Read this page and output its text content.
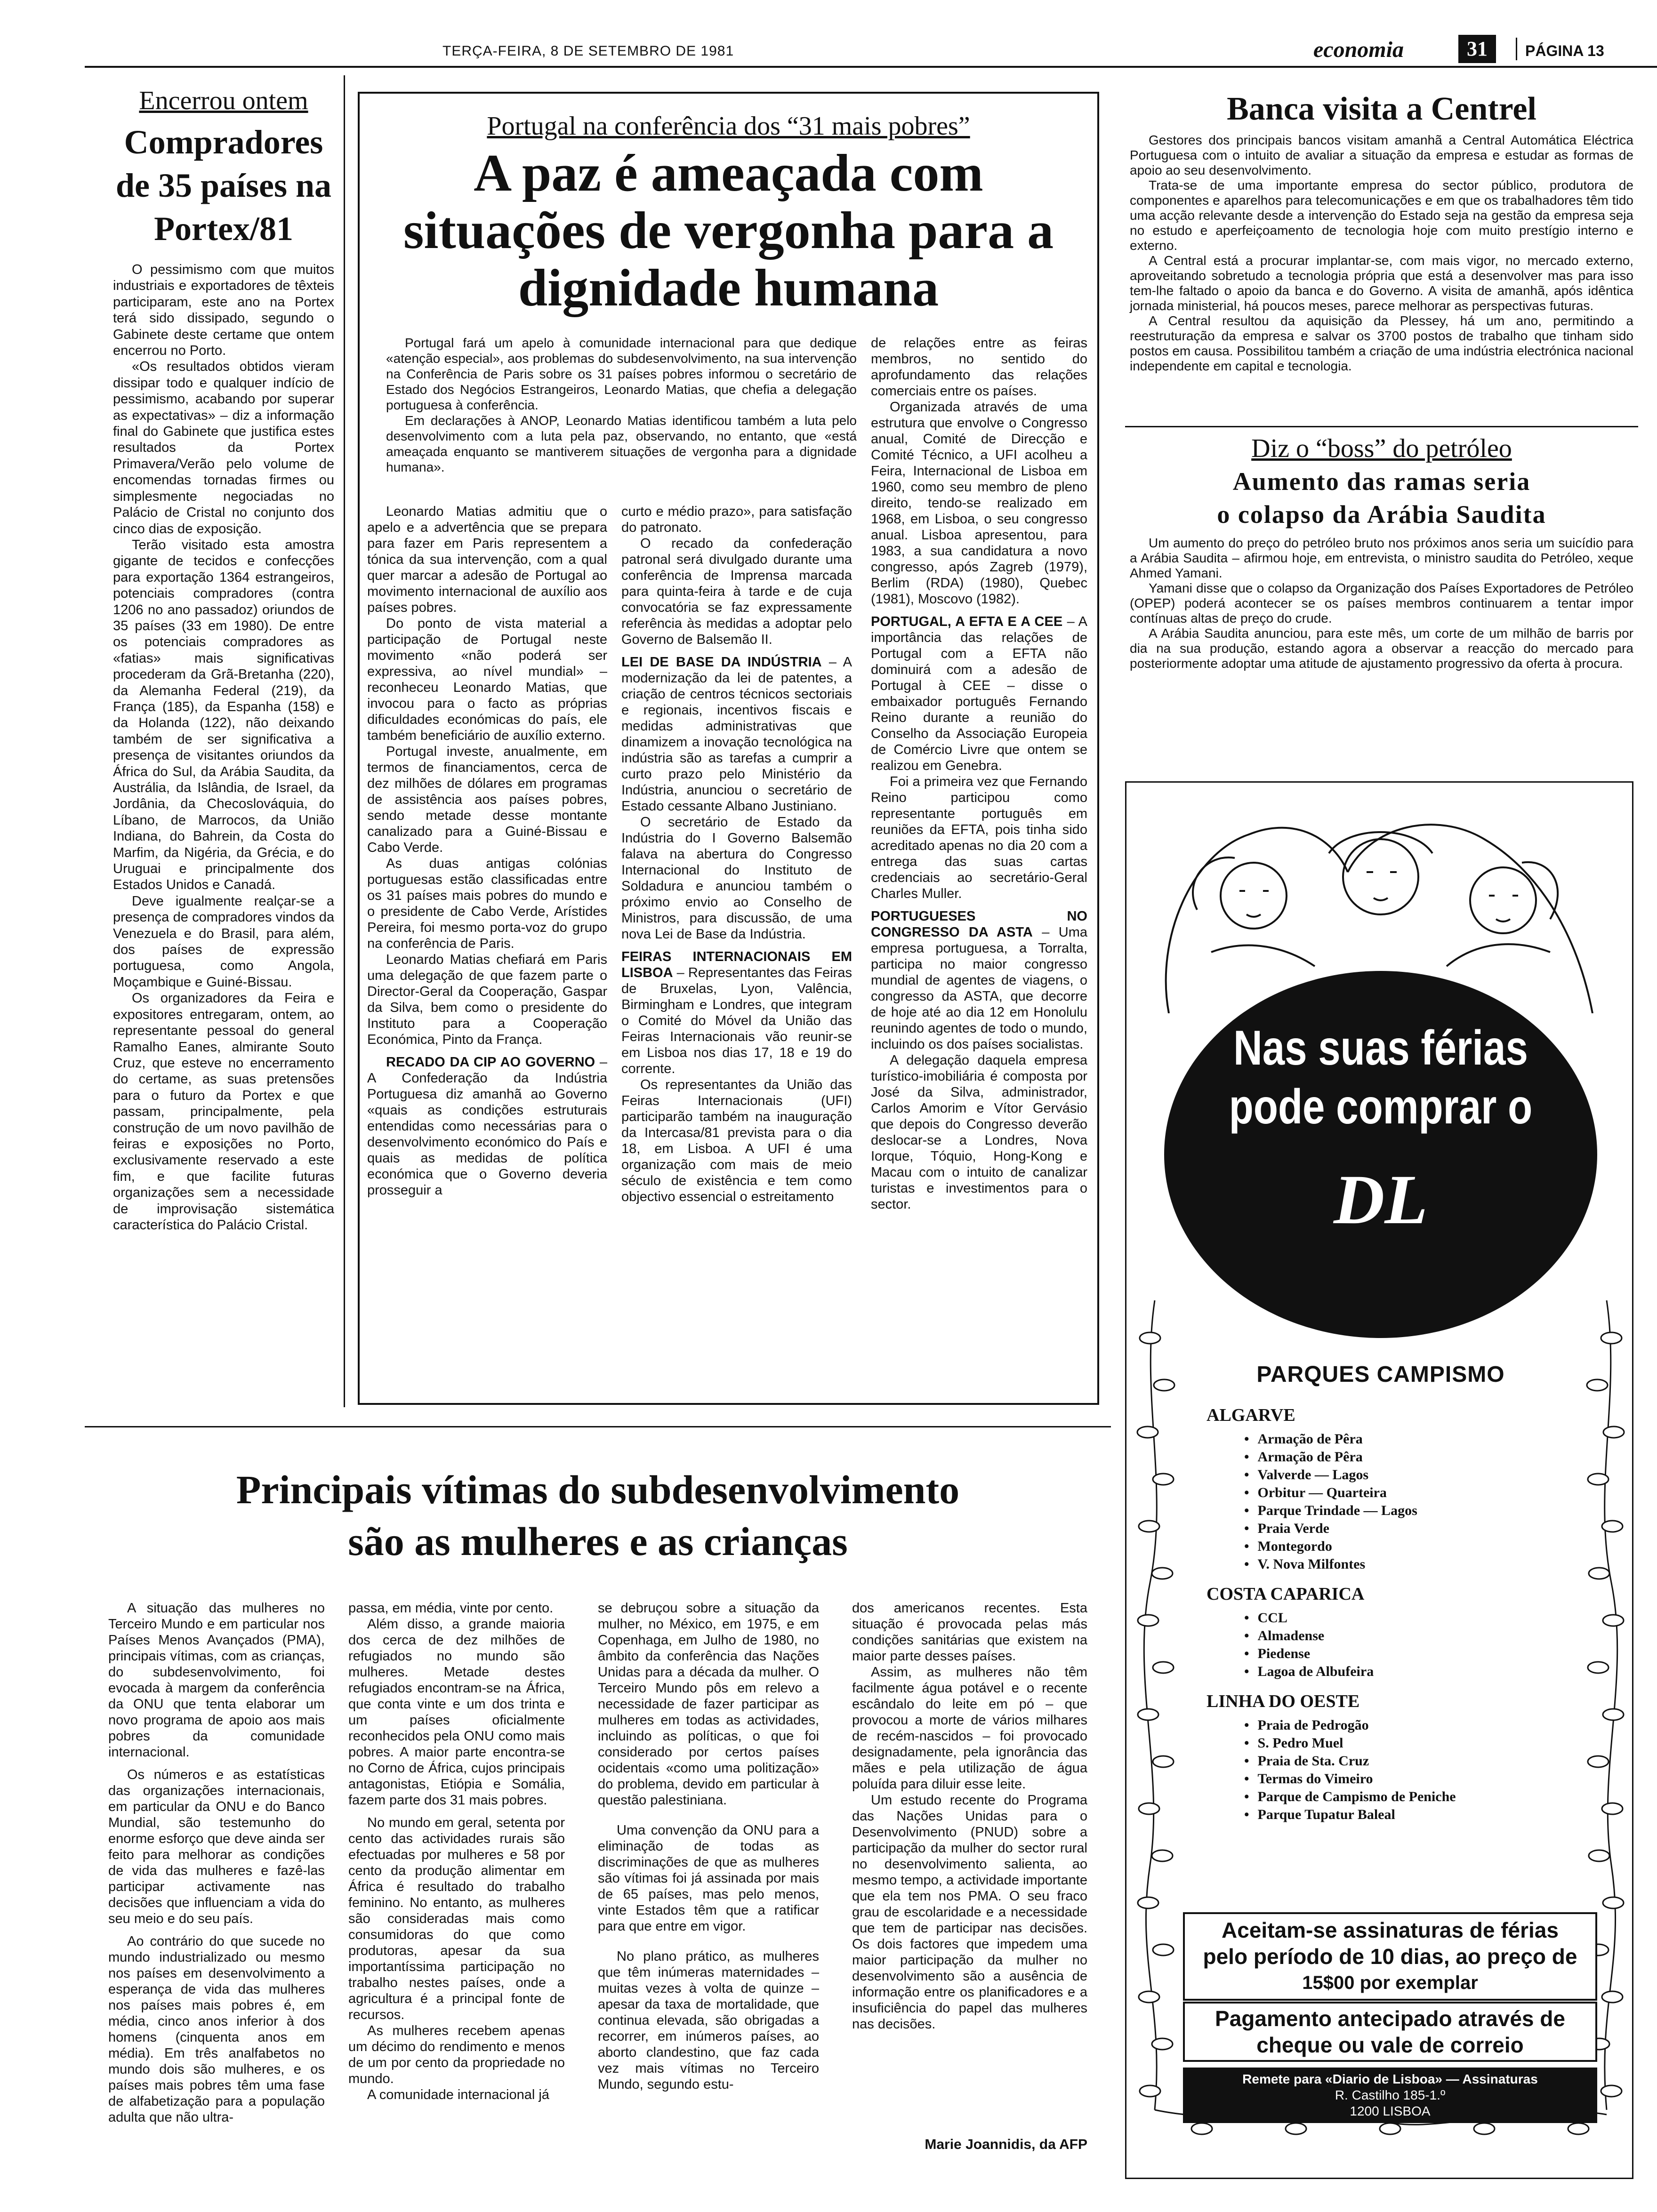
TERÇA-FEIRA, 8 DE SETEMBRO DE 1981	economia	31	PÁGINA 13
Encerrou ontem
Compradores de 35 países na Portex/81

O pessimismo com que muitos industriais e exportadores de têxteis participaram, este ano na Portex terá sido dissipado, segundo o Gabinete deste certame que ontem encerrou no Porto.

«Os resultados obtidos vieram dissipar todo e qualquer indício de pessimismo, acabando por superar as expectativas» – diz a informação final do Gabinete que justifica estes resultados da Portex Primavera/Verão pelo volume de encomendas tornadas firmes ou simplesmente negociadas no Palácio de Cristal no conjunto dos cinco dias de exposição.

Terão visitado esta amostra gigante de tecidos e confecções para exportação 1364 estrangeiros, potenciais compradores (contra 1206 no ano passadoz) oriundos de 35 países (33 em 1980). De entre os potenciais compradores as «fatias» mais significativas procederam da Grã-Bretanha (220), da Alemanha Federal (219), da França (185), da Espanha (158) e da Holanda (122), não deixando também de ser significativa a presença de visitantes oriundos da África do Sul, da Arábia Saudita, da Austrália, da Islândia, de Israel, da Jordânia, da Checoslováquia, do Líbano, de Marrocos, da União Indiana, do Bahrein, da Costa do Marfim, da Nigéria, da Grécia, e do Uruguai e principalmente dos Estados Unidos e Canadá.

Deve igualmente realçar-se a presença de compradores vindos da Venezuela e do Brasil, para além, dos países de expressão portuguesa, como Angola, Moçambique e Guiné-Bissau.

Os organizadores da Feira e expositores entregaram, ontem, ao representante pessoal do general Ramalho Eanes, almirante Souto Cruz, que esteve no encerramento do certame, as suas pretensões para o futuro da Portex e que passam, principalmente, pela construção de um novo pavilhão de feiras e exposições no Porto, exclusivamente reservado a este fim, e que facilite futuras organizações sem a necessidade de improvisação sistemática característica do Palácio Cristal.

Portugal na conferência dos “31 mais pobres”
A paz é ameaçada com situações de vergonha para a dignidade humana

Portugal fará um apelo à comunidade internacional para que dedique «atenção especial», aos problemas do subdesenvolvimento, na sua intervenção na Conferência de Paris sobre os 31 países pobres informou o secretário de Estado dos Negócios Estrangeiros, Leonardo Matias, que chefia a delegação portuguesa à conferência.

Em declarações à ANOP, Leonardo Matias identificou também a luta pelo desenvolvimento com a luta pela paz, observando, no entanto, que «está ameaçada enquanto se mantiverem situações de vergonha para a dignidade humana».

Leonardo Matias admitiu que o apelo e a advertência que se prepara para fazer em Paris representem a tónica da sua intervenção, com a qual quer marcar a adesão de Portugal ao movimento internacional de auxílio aos países pobres.

Do ponto de vista material a participação de Portugal neste movimento «não poderá ser expressiva, ao nível mundial» – reconheceu Leonardo Matias, que invocou para o facto as próprias dificuldades económicas do país, ele também beneficiário de auxílio externo.

Portugal investe, anualmente, em termos de financiamentos, cerca de dez milhões de dólares em programas de assistência aos países pobres, sendo metade desse montante canalizado para a Guiné-Bissau e Cabo Verde.

As duas antigas colónias portuguesas estão classificadas entre os 31 países mais pobres do mundo e o presidente de Cabo Verde, Arístides Pereira, foi mesmo porta-voz do grupo na conferência de Paris.

Leonardo Matias chefiará em Paris uma delegação de que fazem parte o Director-Geral da Cooperação, Gaspar da Silva, bem como o presidente do Instituto para a Cooperação Económica, Pinto da França.

RECADO DA CIP AO GOVERNO – A Confederação da Indústria Portuguesa diz amanhã ao Governo «quais as condições estruturais entendidas como necessárias para o desenvolvimento económico do País e quais as medidas de política económica que o Governo deveria prosseguir a

curto e médio prazo», para satisfação do patronato.

O recado da confederação patronal será divulgado durante uma conferência de Imprensa marcada para quinta-feira à tarde e de cuja convocatória se faz expressamente referência às medidas a adoptar pelo Governo de Balsemão II.

LEI DE BASE DA INDÚSTRIA – A modernização da lei de patentes, a criação de centros técnicos sectoriais e regionais, incentivos fiscais e medidas administrativas que dinamizem a inovação tecnológica na indústria são as tarefas a cumprir a curto prazo pelo Ministério da Indústria, anunciou o secretário de Estado cessante Albano Justiniano.

O secretário de Estado da Indústria do I Governo Balsemão falava na abertura do Congresso Internacional do Instituto de Soldadura e anunciou também o próximo envio ao Conselho de Ministros, para discussão, de uma nova Lei de Base da Indústria.

FEIRAS INTERNACIONAIS EM LISBOA – Representantes das Feiras de Bruxelas, Lyon, Valência, Birmingham e Londres, que integram o Comité do Móvel da União das Feiras Internacionais vão reunir-se em Lisboa nos dias 17, 18 e 19 do corrente.

Os representantes da União das Feiras Internacionais (UFI) participarão também na inauguração da Intercasa/81 prevista para o dia 18, em Lisboa. A UFI é uma organização com mais de meio século de existência e tem como objectivo essencial o estreitamento

de relações entre as feiras membros, no sentido do aprofundamento das relações comerciais entre os países.

Organizada através de uma estrutura que envolve o Congresso anual, Comité de Direcção e Comité Técnico, a UFI acolheu a Feira, Internacional de Lisboa em 1960, como seu membro de pleno direito, tendo-se realizado em 1968, em Lisboa, o seu congresso anual. Lisboa apresentou, para 1983, a sua candidatura a novo congresso, após Zagreb (1979), Berlim (RDA) (1980), Quebec (1981), Moscovo (1982).

PORTUGAL, A EFTA E A CEE – A importância das relações de Portugal com a EFTA não dominuirá com a adesão de Portugal à CEE – disse o embaixador português Fernando Reino durante a reunião do Conselho da Associação Europeia de Comércio Livre que ontem se realizou em Genebra.

Foi a primeira vez que Fernando Reino participou como representante português em reuniões da EFTA, pois tinha sido acreditado apenas no dia 20 com a entrega das suas cartas credenciais ao secretário-Geral Charles Muller.

PORTUGUESES NO CONGRESSO DA ASTA – Uma empresa portuguesa, a Torralta, participa no maior congresso mundial de agentes de viagens, o congresso da ASTA, que decorre de hoje até ao dia 12 em Honolulu reunindo agentes de todo o mundo, incluindo os dos países socialistas.

A delegação daquela empresa turístico-imobiliária é composta por José da Silva, administrador, Carlos Amorim e Vítor Gervásio que depois do Congresso deverão deslocar-se a Londres, Nova Iorque, Tóquio, Hong-Kong e Macau com o intuito de canalizar turistas e investimentos para o sector.

Banca visita a Centrel

Gestores dos principais bancos visitam amanhã a Central Automática Eléctrica Portuguesa com o intuito de avaliar a situação da empresa e estudar as formas de apoio ao seu desenvolvimento.

Trata-se de uma importante empresa do sector público, produtora de componentes e aparelhos para telecomunicações e em que os trabalhadores têm tido uma acção relevante desde a intervenção do Estado seja na gestão da empresa seja no estudo e aperfeiçoamento de tecnologia hoje com muito prestígio interno e externo.

A Central está a procurar implantar-se, com mais vigor, no mercado externo, aproveitando sobretudo a tecnologia própria que está a desenvolver mas para isso tem-lhe faltado o apoio da banca e do Governo. A visita de amanhã, após idêntica jornada ministerial, há poucos meses, parece melhorar as perspectivas futuras.

A Central resultou da aquisição da Plessey, há um ano, permitindo a reestruturação da empresa e salvar os 3700 postos de trabalho que tinham sido postos em causa. Possibilitou também a criação de uma indústria electrónica nacional independente em capital e tecnologia.

Diz o “boss” do petróleo
Aumento das ramas seria
o colapso da Arábia Saudita

Um aumento do preço do petróleo bruto nos próximos anos seria um suicídio para a Arábia Saudita – afirmou hoje, em entrevista, o ministro saudita do Petróleo, xeque Ahmed Yamani.

Yamani disse que o colapso da Organização dos Países Exportadores de Petróleo (OPEP) poderá acontecer se os países membros continuarem a tentar impor contínuas altas de preço do crude.

A Arábia Saudita anunciou, para este mês, um corte de um milhão de barris por dia na sua produção, estando agora a observar a reacção do mercado para posteriormente adoptar uma atitude de ajustamento progressivo da oferta à procura.

Nas suas férias
pode comprar o
DL
PARQUES CAMPISMO
ALGARVE
• Armação de Pêra
• Armação de Pêra
• Valverde — Lagos
• Orbitur — Quarteira
• Parque Trindade — Lagos
• Praia Verde
• Montegordo
• V. Nova Milfontes
COSTA CAPARICA
• CCL
• Almadense
• Piedense
• Lagoa de Albufeira
LINHA DO OESTE
• Praia de Pedrogão
• S. Pedro Muel
• Praia de Sta. Cruz
• Termas do Vimeiro
• Parque de Campismo de Peniche
• Parque Tupatur Baleal
Aceitam-se assinaturas de férias
pelo período de 10 dias, ao preço de
15$00 por exemplar
Pagamento antecipado através de
cheque ou vale de correio
Remete para «Diario de Lisboa» — Assinaturas
R. Castilho 185-1.º
1200 LISBOA
Principais vítimas do subdesenvolvimento
são as mulheres e as crianças

A situação das mulheres no Terceiro Mundo e em particular nos Países Menos Avançados (PMA), principais vítimas, com as crianças, do subdesenvolvimento, foi evocada à margem da conferência da ONU que tenta elaborar um novo programa de apoio aos mais pobres da comunidade internacional.

Os números e as estatísticas das organizações internacionais, em particular da ONU e do Banco Mundial, são testemunho do enorme esforço que deve ainda ser feito para melhorar as condições de vida das mulheres e fazê-las participar activamente nas decisões que influenciam a vida do seu meio e do seu país.

Ao contrário do que sucede no mundo industrializado ou mesmo nos países em desenvolvimento a esperança de vida das mulheres nos países mais pobres é, em média, cinco anos inferior à dos homens (cinquenta anos em média). Em três analfabetos no mundo dois são mulheres, e os países mais pobres têm uma fase de alfabetização para a população adulta que não ultra-

passa, em média, vinte por cento.

Além disso, a grande maioria dos cerca de dez milhões de refugiados no mundo são mulheres. Metade destes refugiados encontram-se na África, que conta vinte e um dos trinta e um países oficialmente reconhecidos pela ONU como mais pobres. A maior parte encontra-se no Corno de África, cujos principais antagonistas, Etiópia e Somália, fazem parte dos 31 mais pobres.

No mundo em geral, setenta por cento das actividades rurais são efectuadas por mulheres e 58 por cento da produção alimentar em África é resultado do trabalho feminino. No entanto, as mulheres são consideradas mais como consumidoras do que como produtoras, apesar da sua importantíssima participação no trabalho nestes países, onde a agricultura é a principal fonte de recursos.

As mulheres recebem apenas um décimo do rendimento e menos de um por cento da propriedade no mundo.

A comunidade internacional já

se debruçou sobre a situação da mulher, no México, em 1975, e em Copenhaga, em Julho de 1980, no âmbito da conferência das Nações Unidas para a década da mulher. O Terceiro Mundo pôs em relevo a necessidade de fazer participar as mulheres em todas as actividades, incluindo as políticas, o que foi considerado por certos países ocidentais «como uma politização» do problema, devido em particular à questão palestiniana.

Uma convenção da ONU para a eliminação de todas as discriminações de que as mulheres são vítimas foi já assinada por mais de 65 países, mas pelo menos, vinte Estados têm que a ratificar para que entre em vigor.

No plano prático, as mulheres que têm inúmeras maternidades – muitas vezes à volta de quinze – apesar da taxa de mortalidade, que continua elevada, são obrigadas a recorrer, em inúmeros países, ao aborto clandestino, que faz cada vez mais vítimas no Terceiro Mundo, segundo estu-

dos americanos recentes. Esta situação é provocada pelas más condições sanitárias que existem na maior parte desses países.

Assim, as mulheres não têm facilmente água potável e o recente escândalo do leite em pó – que provocou a morte de vários milhares de recém-nascidos – foi provocado designadamente, pela ignorância das mães e pela utilização de água poluída para diluir esse leite.

Um estudo recente do Programa das Nações Unidas para o Desenvolvimento (PNUD) sobre a participação da mulher do sector rural no desenvolvimento salienta, ao mesmo tempo, a actividade importante que ela tem nos PMA. O seu fraco grau de escolaridade e a necessidade que tem de participar nas decisões. Os dois factores que impedem uma maior participação da mulher no desenvolvimento são a ausência de informação entre os planificadores e a insuficiência do papel das mulheres nas decisões.

Marie Joannidis, da AFP
